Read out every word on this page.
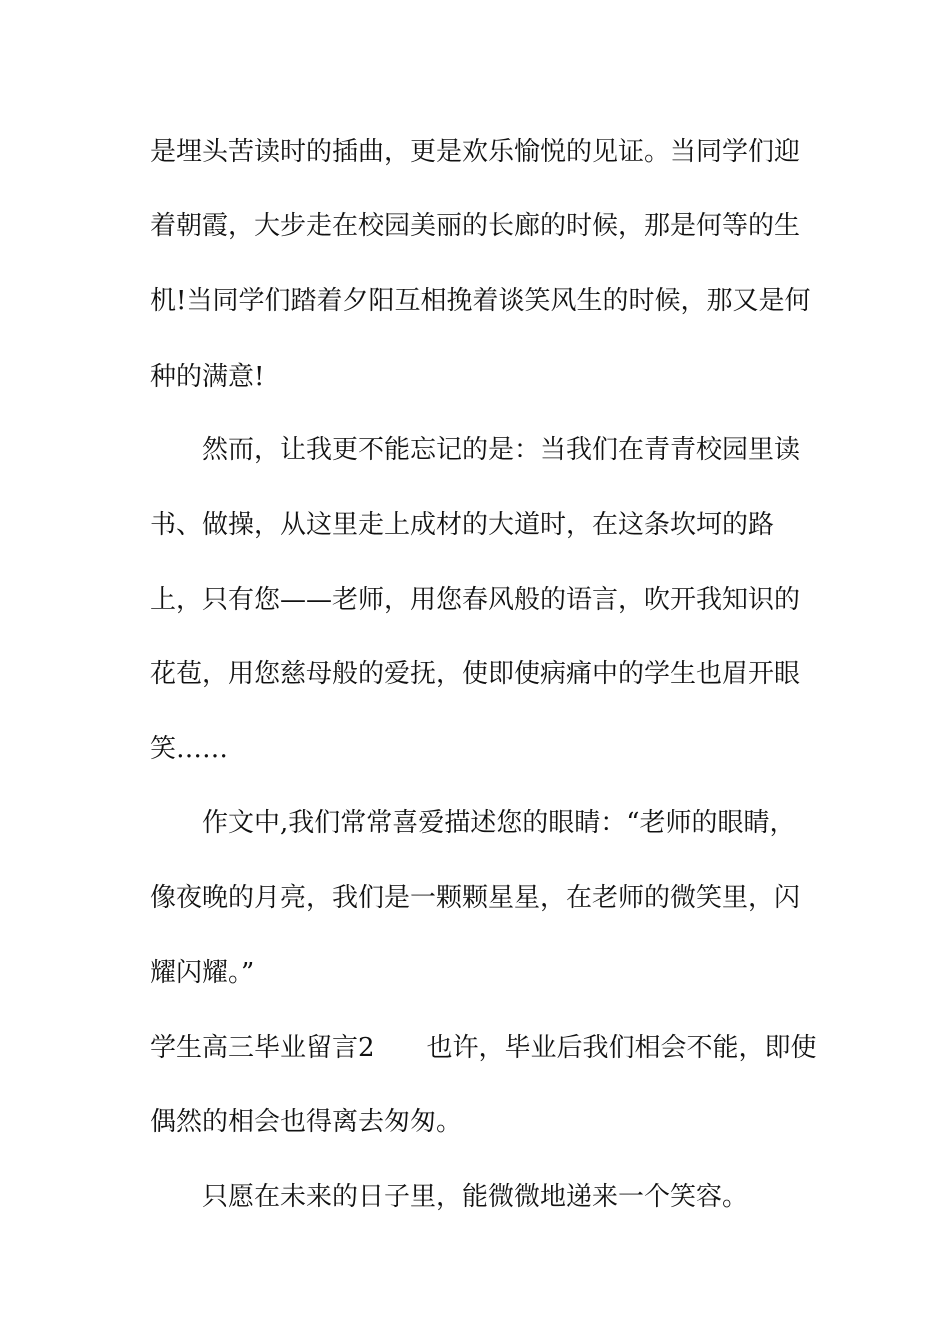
是埋头苦读时的插曲，更是欢乐愉悦的见证。当同学们迎
着朝霞，大步走在校园美丽的长廊的时候，那是何等的生
机!当同学们踏着夕阳互相挽着谈笑风生的时候，那又是何
种的满意!
然而，让我更不能忘记的是：当我们在青青校园里读
书、做操，从这里走上成材的大道时，在这条坎坷的路
上，只有您——老师，用您春风般的语言，吹开我知识的
花苞，用您慈母般的爱抚，使即使病痛中的学生也眉开眼
笑……
作文中,我们常常喜爱描述您的眼睛：“老师的眼睛，
像夜晚的月亮，我们是一颗颗星星，在老师的微笑里，闪
耀闪耀。”
学生高三毕业留言2　　也许，毕业后我们相会不能，即使
偶然的相会也得离去匆匆。
只愿在未来的日子里，能微微地递来一个笑容。
